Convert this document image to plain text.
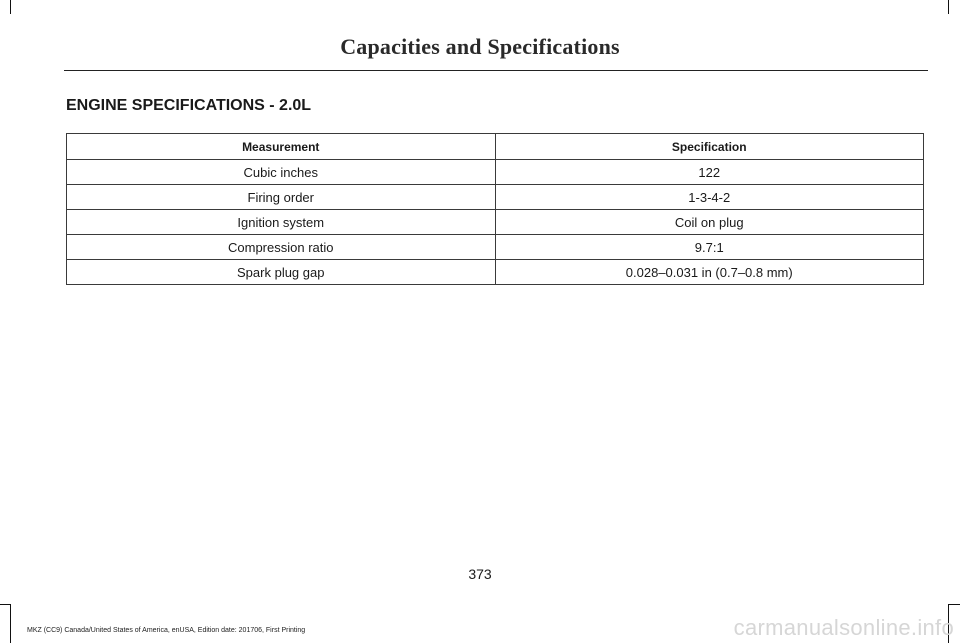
Capacities and Specifications
ENGINE SPECIFICATIONS - 2.0L
Measurement	Specification
Cubic inches	122
Firing order	1-3-4-2
Ignition system	Coil on plug
Compression ratio	9.7:1
Spark plug gap	0.028–0.031 in (0.7–0.8 mm)
373
MKZ (CC9) Canada/United States of America, enUSA, Edition date: 201706, First Printing	carmanualsonline.info
